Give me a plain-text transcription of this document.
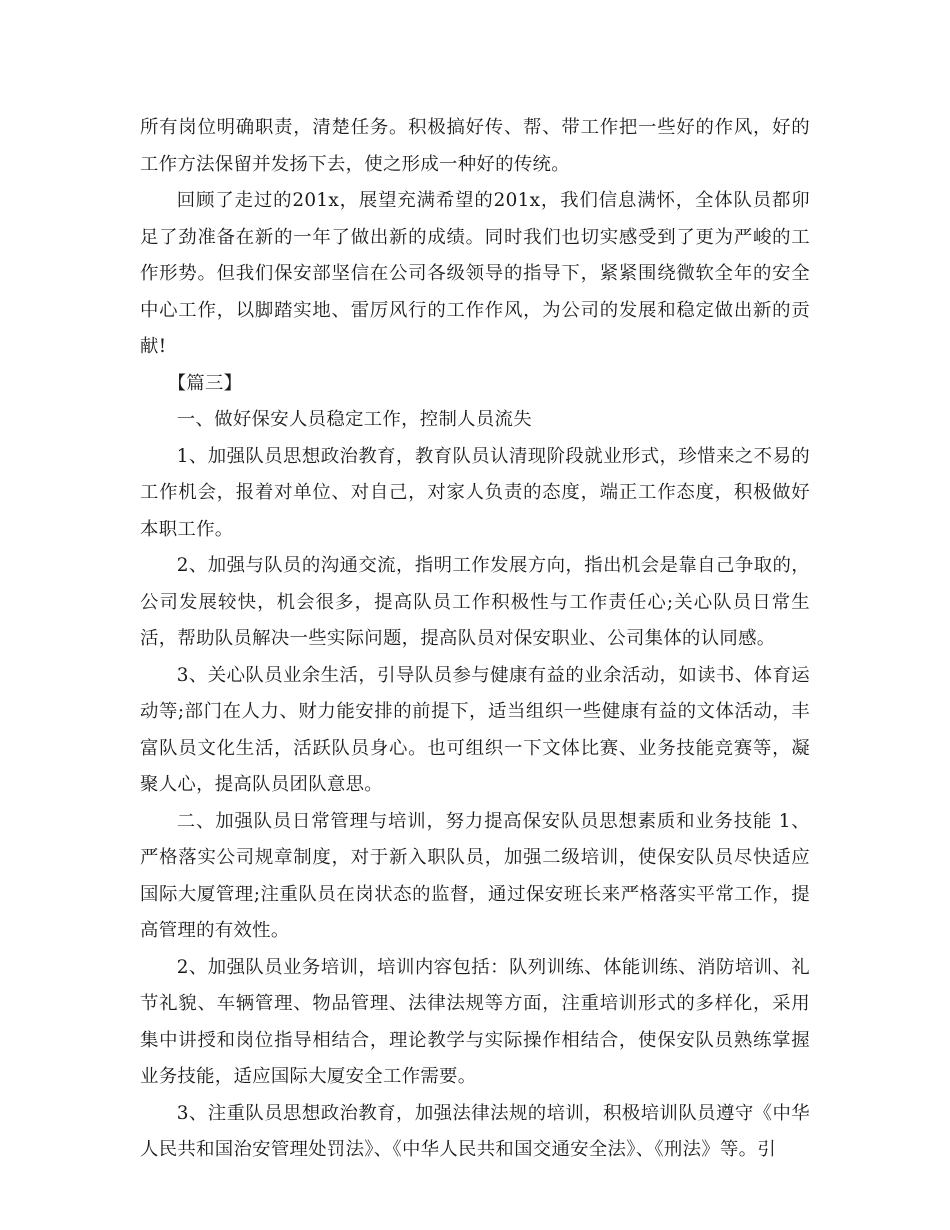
所有岗位明确职责，清楚任务。积极搞好传、帮、带工作把一些好的作风，好的工作方法保留并发扬下去，使之形成一种好的传统。

回顾了走过的201x，展望充满希望的201x，我们信息满怀，全体队员都卯足了劲准备在新的一年了做出新的成绩。同时我们也切实感受到了更为严峻的工作形势。但我们保安部坚信在公司各级领导的指导下，紧紧围绕微软全年的安全中心工作，以脚踏实地、雷厉风行的工作作风，为公司的发展和稳定做出新的贡献!

【篇三】

一、做好保安人员稳定工作，控制人员流失

1、加强队员思想政治教育，教育队员认清现阶段就业形式，珍惜来之不易的工作机会，报着对单位、对自己，对家人负责的态度，端正工作态度，积极做好本职工作。

2、加强与队员的沟通交流，指明工作发展方向，指出机会是靠自己争取的，公司发展较快，机会很多，提高队员工作积极性与工作责任心;关心队员日常生活，帮助队员解决一些实际问题，提高队员对保安职业、公司集体的认同感。

3、关心队员业余生活，引导队员参与健康有益的业余活动，如读书、体育运动等;部门在人力、财力能安排的前提下，适当组织一些健康有益的文体活动，丰富队员文化生活，活跃队员身心。也可组织一下文体比赛、业务技能竞赛等，凝聚人心，提高队员团队意思。

二、加强队员日常管理与培训，努力提高保安队员思想素质和业务技能 1、严格落实公司规章制度，对于新入职队员，加强二级培训，使保安队员尽快适应国际大厦管理;注重队员在岗状态的监督，通过保安班长来严格落实平常工作，提高管理的有效性。

2、加强队员业务培训，培训内容包括：队列训练、体能训练、消防培训、礼节礼貌、车辆管理、物品管理、法律法规等方面，注重培训形式的多样化，采用集中讲授和岗位指导相结合，理论教学与实际操作相结合，使保安队员熟练掌握业务技能，适应国际大厦安全工作需要。

3、注重队员思想政治教育，加强法律法规的培训，积极培训队员遵守《中华人民共和国治安管理处罚法》、《中华人民共和国交通安全法》、《刑法》等。引
